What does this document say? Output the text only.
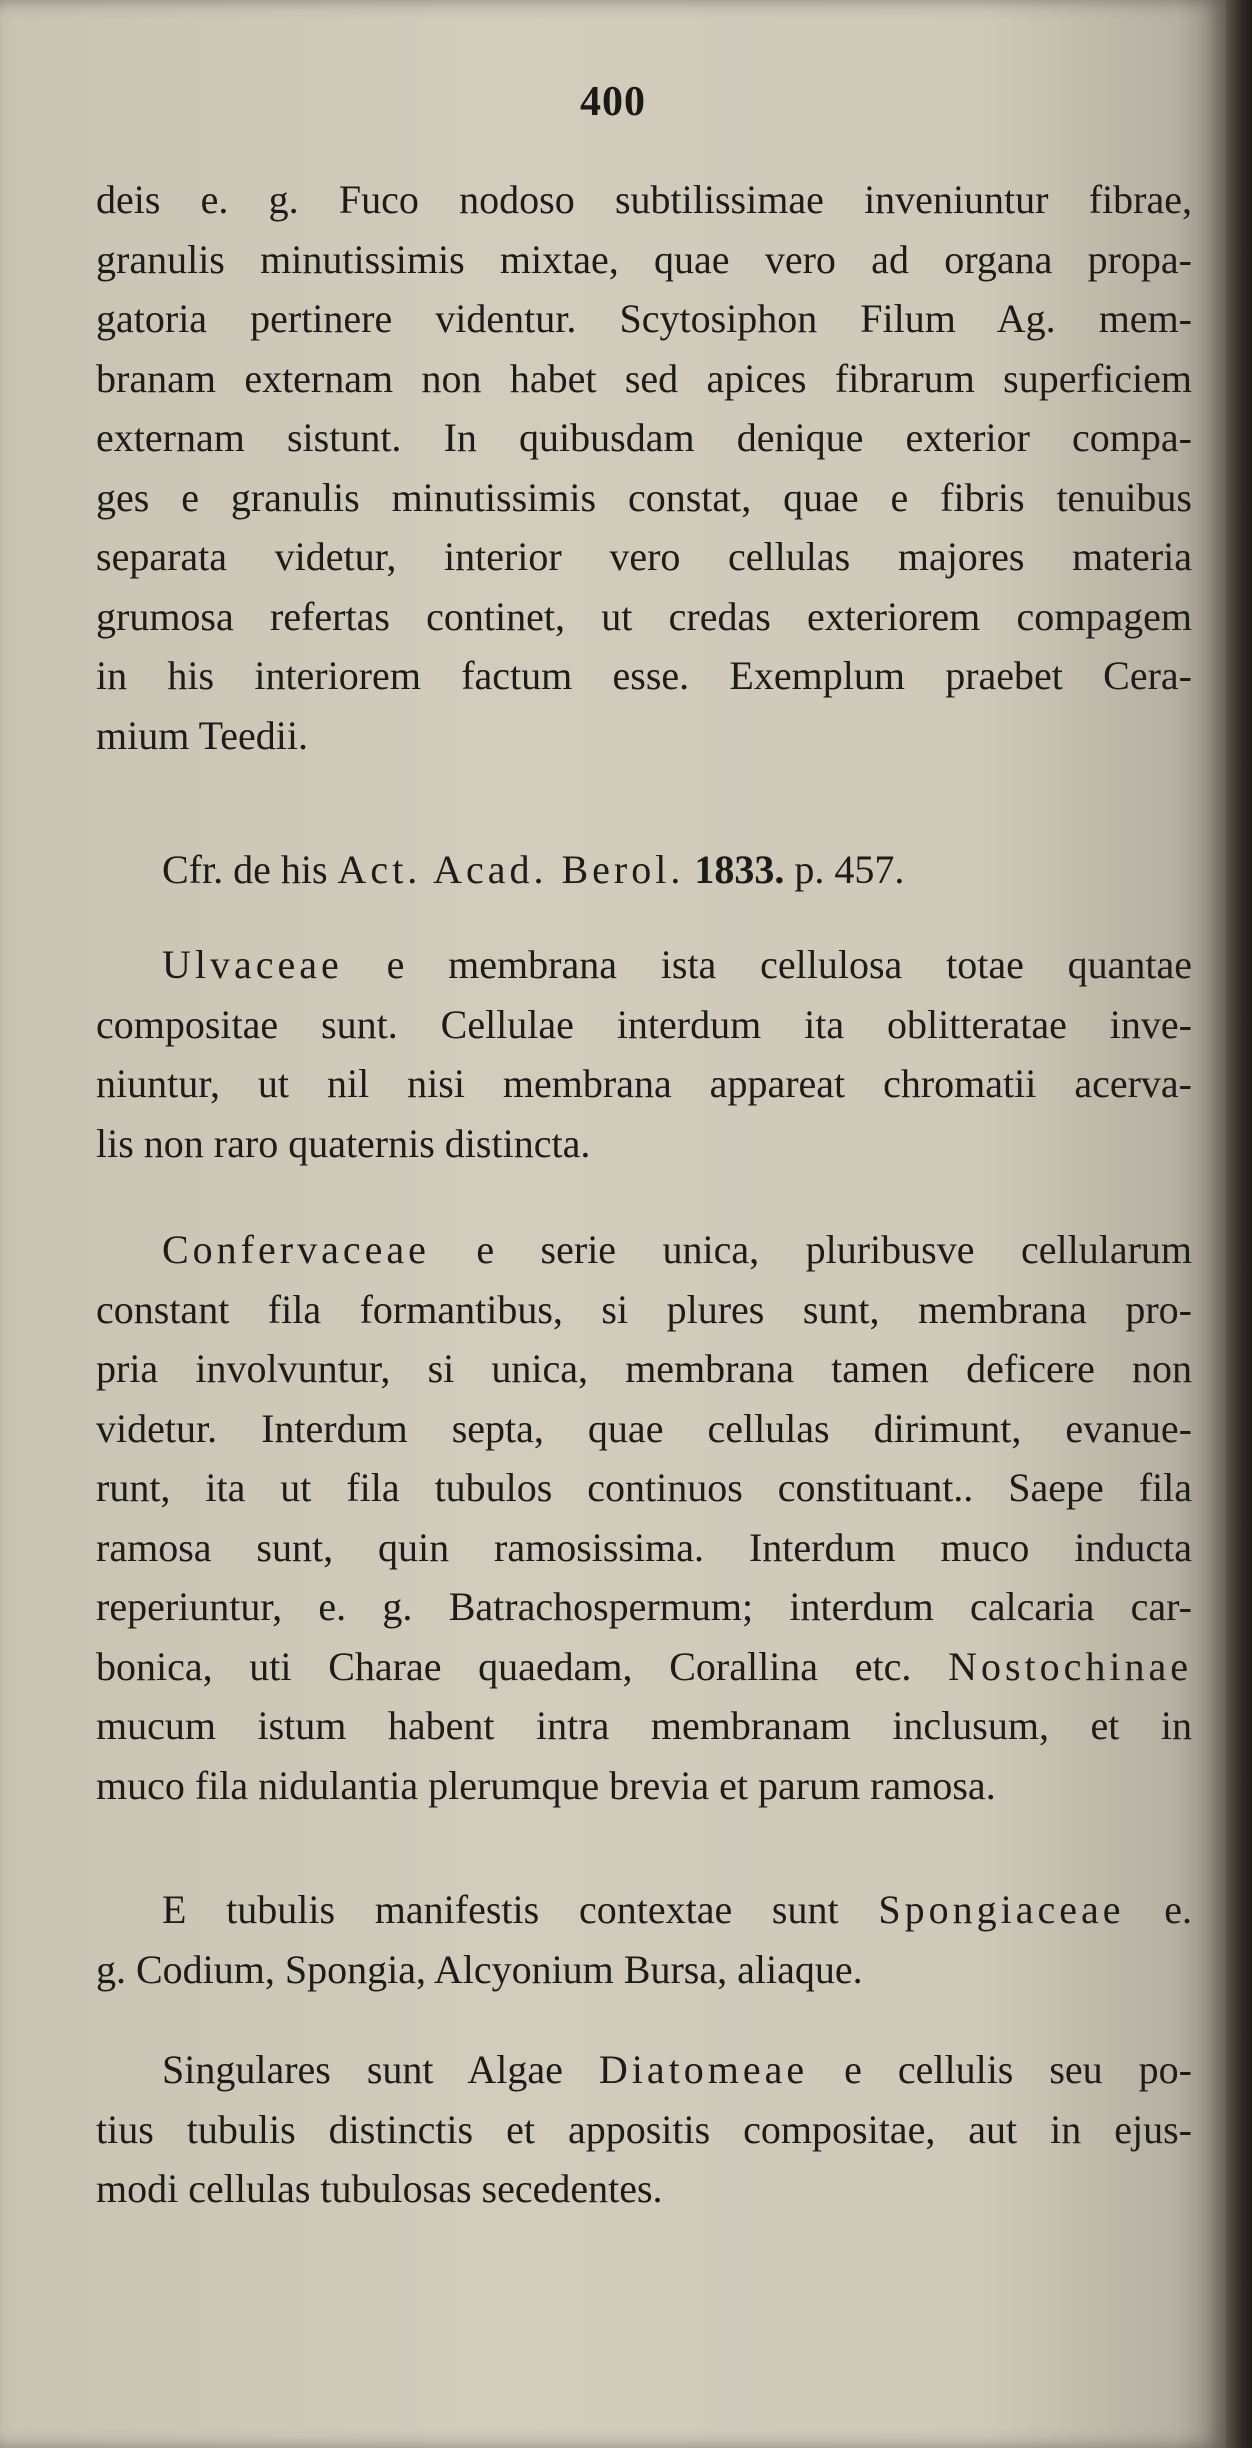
400
deis e. g. Fuco nodoso subtilissimae inveniuntur fibrae,
granulis minutissimis mixtae, quae vero ad organa propa-
gatoria pertinere videntur. Scytosiphon Filum Ag. mem-
branam externam non habet sed apices fibrarum superficiem
externam sistunt. In quibusdam denique exterior compa-
ges e granulis minutissimis constat, quae e fibris tenuibus
separata videtur, interior vero cellulas majores materia
grumosa refertas continet, ut credas exteriorem compagem
in his interiorem factum esse. Exemplum praebet Cera-
mium Teedii.
Cfr. de his Act. Acad. Berol. 1833. p. 457.
Ulvaceae e membrana ista cellulosa totae quantae
compositae sunt. Cellulae interdum ita oblitteratae inve-
niuntur, ut nil nisi membrana appareat chromatii acerva-
lis non raro quaternis distincta.
Confervaceae e serie unica, pluribusve cellularum
constant fila formantibus, si plures sunt, membrana pro-
pria involvuntur, si unica, membrana tamen deficere non
videtur. Interdum septa, quae cellulas dirimunt, evanue-
runt, ita ut fila tubulos continuos constituant.. Saepe fila
ramosa sunt, quin ramosissima. Interdum muco inducta
reperiuntur, e. g. Batrachospermum; interdum calcaria car-
bonica, uti Charae quaedam, Corallina etc. Nostochinae
mucum istum habent intra membranam inclusum, et in
muco fila nidulantia plerumque brevia et parum ramosa.
E tubulis manifestis contextae sunt Spongiaceae e.
g. Codium, Spongia, Alcyonium Bursa, aliaque.
Singulares sunt Algae Diatomeae e cellulis seu po-
tius tubulis distinctis et appositis compositae, aut in ejus-
modi cellulas tubulosas secedentes.
